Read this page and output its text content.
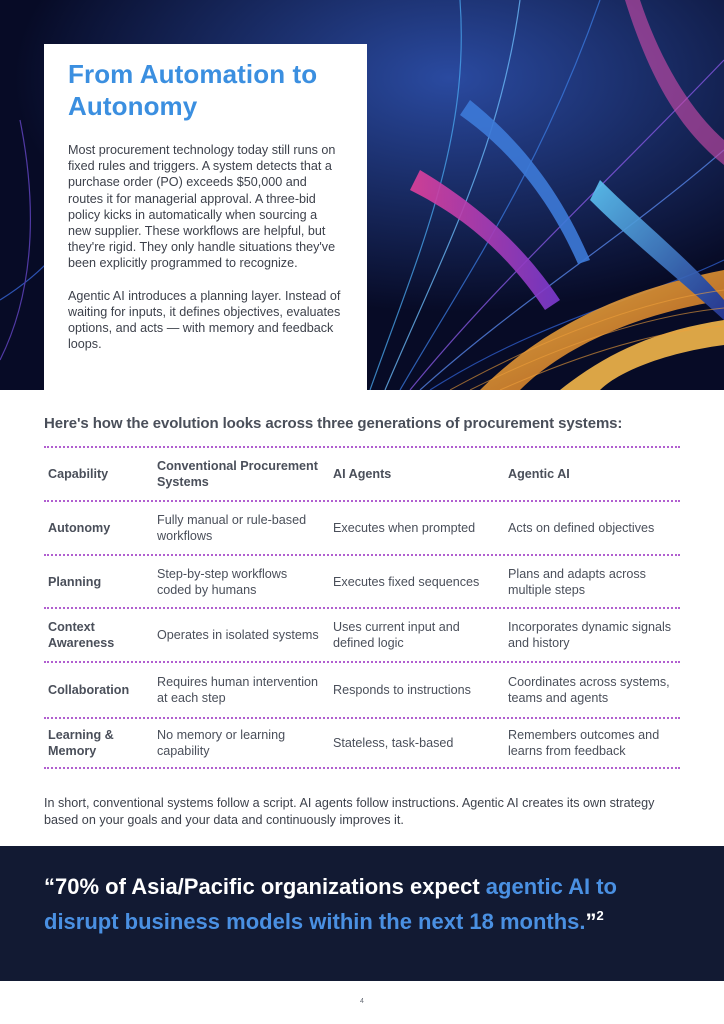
From Automation to Autonomy

Most procurement technology today still runs on fixed rules and triggers. A system detects that a purchase order (PO) exceeds $50,000 and routes it for managerial approval. A three-bid policy kicks in automatically when sourcing a new supplier. These workflows are helpful, but they're rigid. They only handle situations they've been explicitly programmed to recognize.

Agentic AI introduces a planning layer. Instead of waiting for inputs, it defines objectives, evaluates options, and acts — with memory and feedback loops.

Here's how the evolution looks across three generations of procurement systems:
Capability
Conventional Procurement Systems
AI Agents	Agentic AI
Autonomy
Fully manual or rule-based workflows
Executes when prompted	Acts on defined objectives
Planning
Step-by-step workflows coded by humans
Executes fixed sequences
Plans and adapts across multiple steps
Context Awareness
Operates in isolated systems
Uses current input and defined logic
Incorporates dynamic signals and history
Collaboration
Requires human intervention at each step
Responds to instructions
Coordinates across systems, teams and agents
Learning & Memory
No memory or learning capability
Stateless, task-based
Remembers outcomes and learns from feedback

In short, conventional systems follow a script. AI agents follow instructions. Agentic AI creates its own strategy based on your goals and your data and continuously improves it.

“70% of Asia/Pacific organizations expect agentic AI to disrupt business models within the next 18 months.”$^2$

4
